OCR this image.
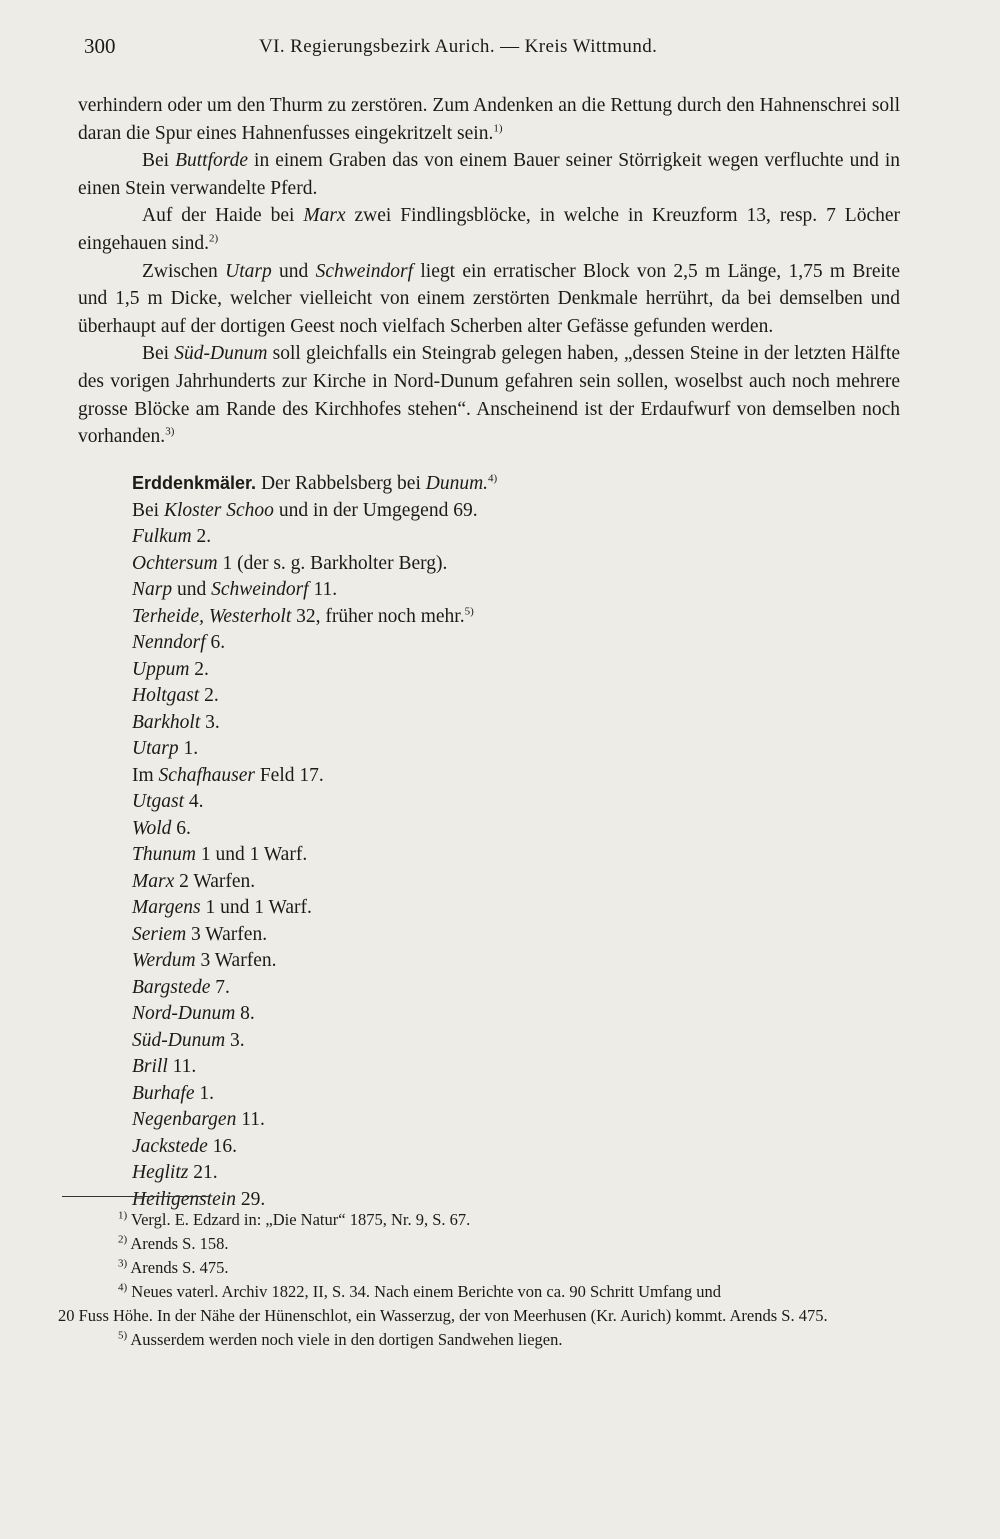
300	VI. Regierungsbezirk Aurich. — Kreis Wittmund.

verhindern oder um den Thurm zu zerstören. Zum Andenken an die Rettung durch den Hahnenschrei soll daran die Spur eines Hahnenfusses eingekritzelt sein.$^{1)}$

Bei Buttforde in einem Graben das von einem Bauer seiner Störrigkeit wegen verfluchte und in einen Stein verwandelte Pferd.

Auf der Haide bei Marx zwei Findlingsblöcke, in welche in Kreuzform 13, resp. 7 Löcher eingehauen sind.$^{2)}$

Zwischen Utarp und Schweindorf liegt ein erratischer Block von 2,5 m Länge, 1,75 m Breite und 1,5 m Dicke, welcher vielleicht von einem zerstörten Denkmale herrührt, da bei demselben und überhaupt auf der dortigen Geest noch vielfach Scherben alter Gefässe gefunden werden.

Bei Süd-Dunum soll gleichfalls ein Steingrab gelegen haben, „dessen Steine in der letzten Hälfte des vorigen Jahrhunderts zur Kirche in Nord-Dunum gefahren sein sollen, woselbst auch noch mehrere grosse Blöcke am Rande des Kirchhofes stehen“. Anscheinend ist der Erdaufwurf von demselben noch vorhanden.$^{3)}$

Erddenkmäler. Der Rabbelsberg bei Dunum.$^{4)}$
Bei Kloster Schoo und in der Umgegend 69.
Fulkum 2.
Ochtersum 1 (der s. g. Barkholter Berg).
Narp und Schweindorf 11.
Terheide, Westerholt 32, früher noch mehr.$^{5)}$
Nenndorf 6.
Uppum 2.
Holtgast 2.
Barkholt 3.
Utarp 1.
Im Schafhauser Feld 17.
Utgast 4.
Wold 6.
Thunum 1 und 1 Warf.
Marx 2 Warfen.
Margens 1 und 1 Warf.
Seriem 3 Warfen.
Werdum 3 Warfen.
Bargstede 7.
Nord-Dunum 8.
Süd-Dunum 3.
Brill 11.
Burhafe 1.
Negenbargen 11.
Jackstede 16.
Heglitz 21.
Heiligenstein 29.

$^{1)}$ Vergl. E. Edzard in: „Die Natur“ 1875, Nr. 9, S. 67.

$^{2)}$ Arends S. 158.

$^{3)}$ Arends S. 475.

$^{4)}$ Neues vaterl. Archiv 1822, II, S. 34. Nach einem Berichte von ca. 90 Schritt Umfang und

20 Fuss Höhe. In der Nähe der Hünenschlot, ein Wasserzug, der von Meerhusen (Kr. Aurich) kommt. Arends S. 475.

$^{5)}$ Ausserdem werden noch viele in den dortigen Sandwehen liegen.
